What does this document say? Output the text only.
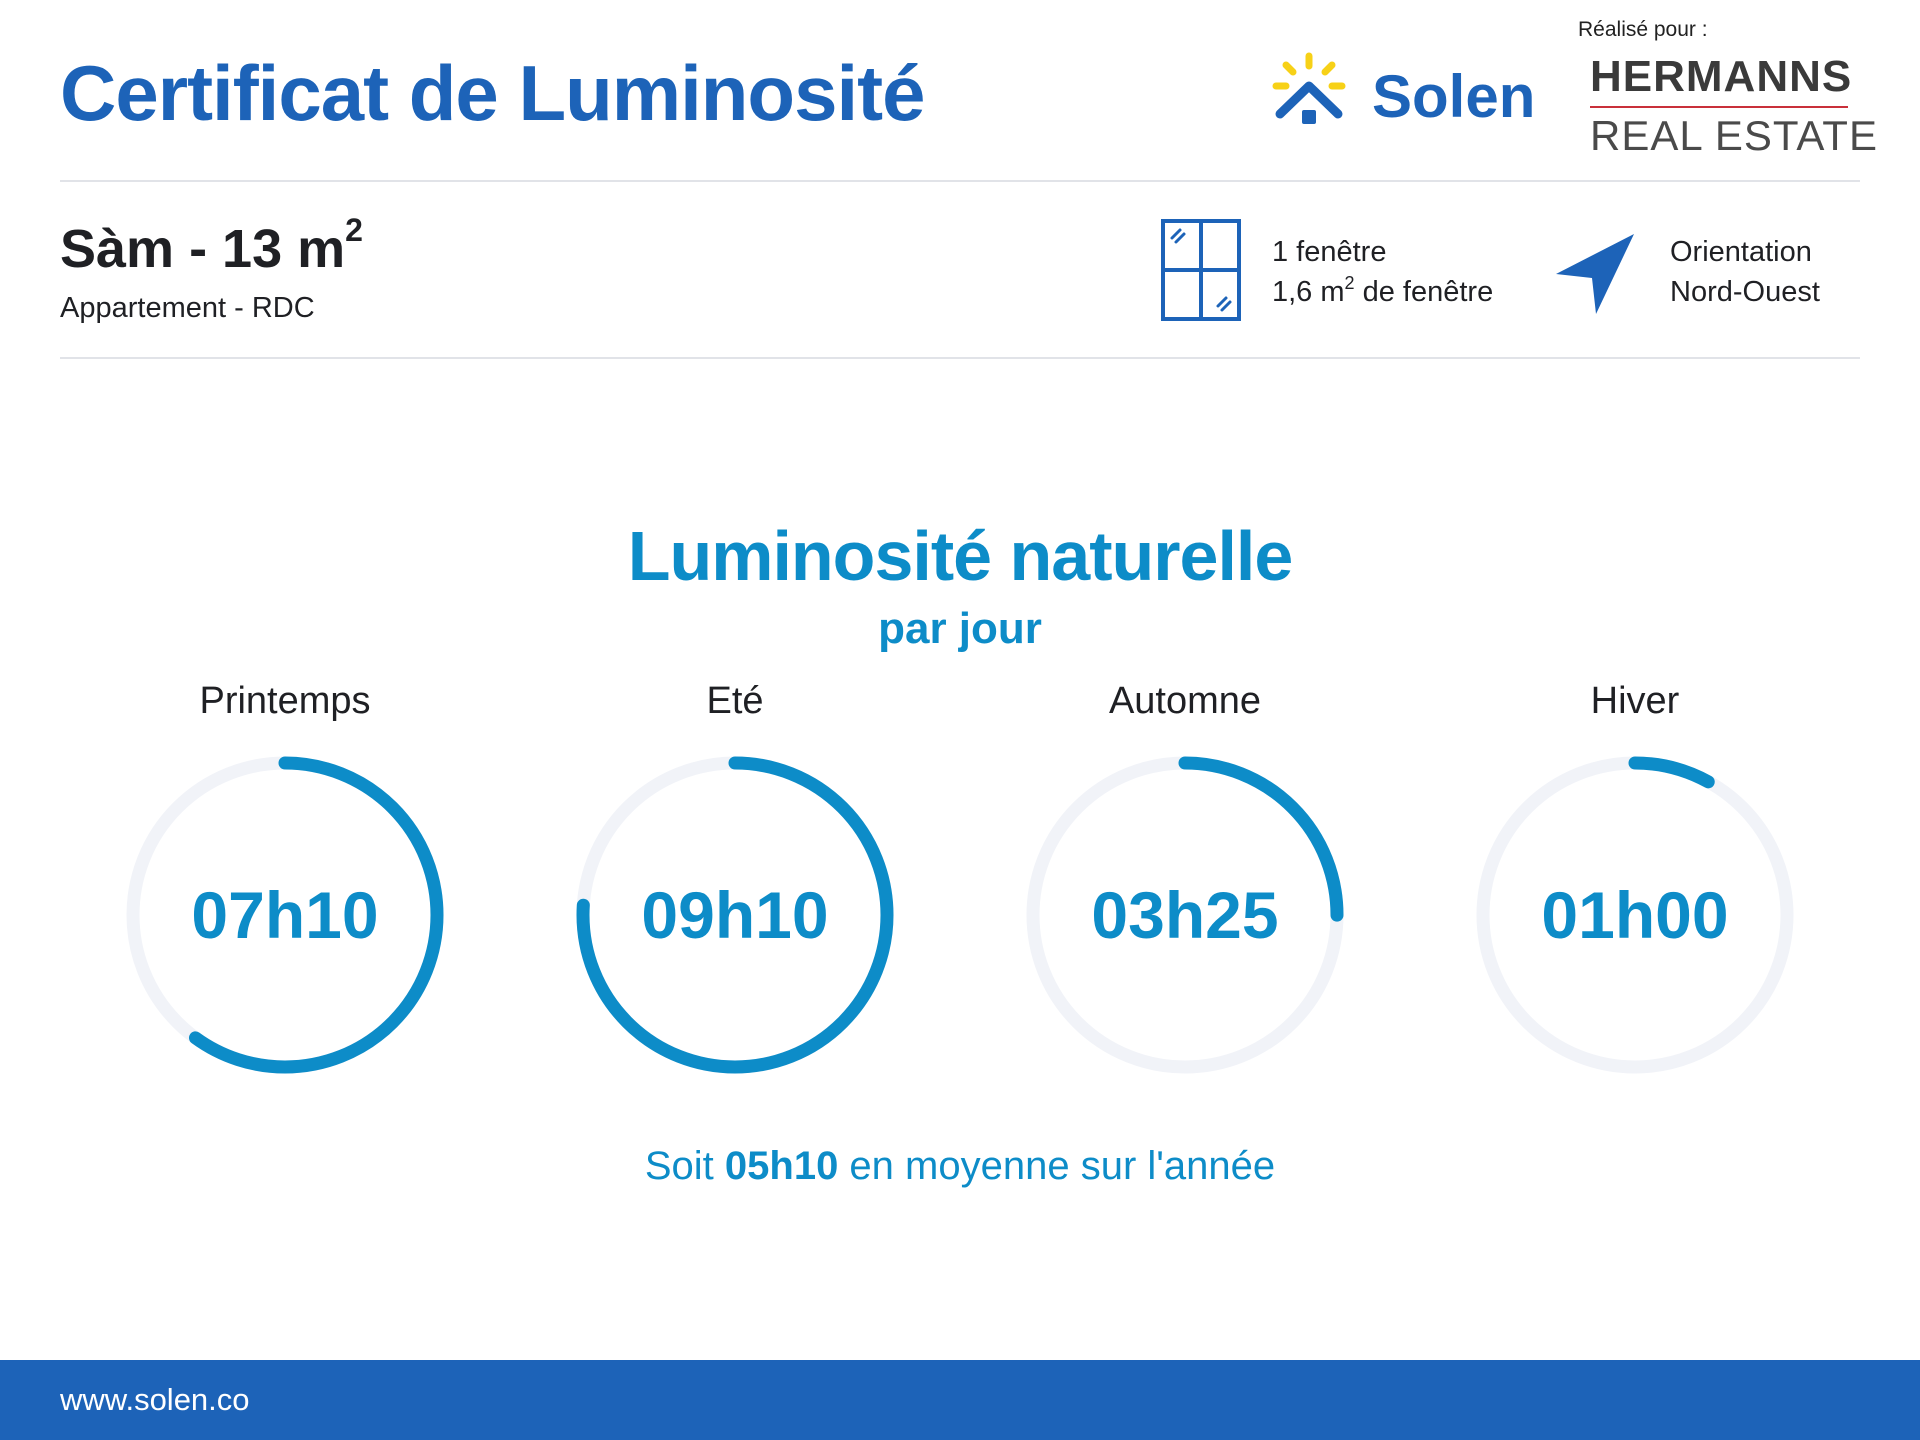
Certificat de Luminosité	Solen
Réalisé pour :
HERMANNS
REAL ESTATE
Sàm - 13 $m^2$
Appartement - RDC
1 fenêtre
1,6 $m^2$ de fenêtre
Orientation
Nord-Ouest
Luminosité naturelle
par jour
Printemps
07h10
Eté
09h10
Automne
03h25
Hiver
01h00
Soit 05h10 en moyenne sur l'année
www.solen.co
